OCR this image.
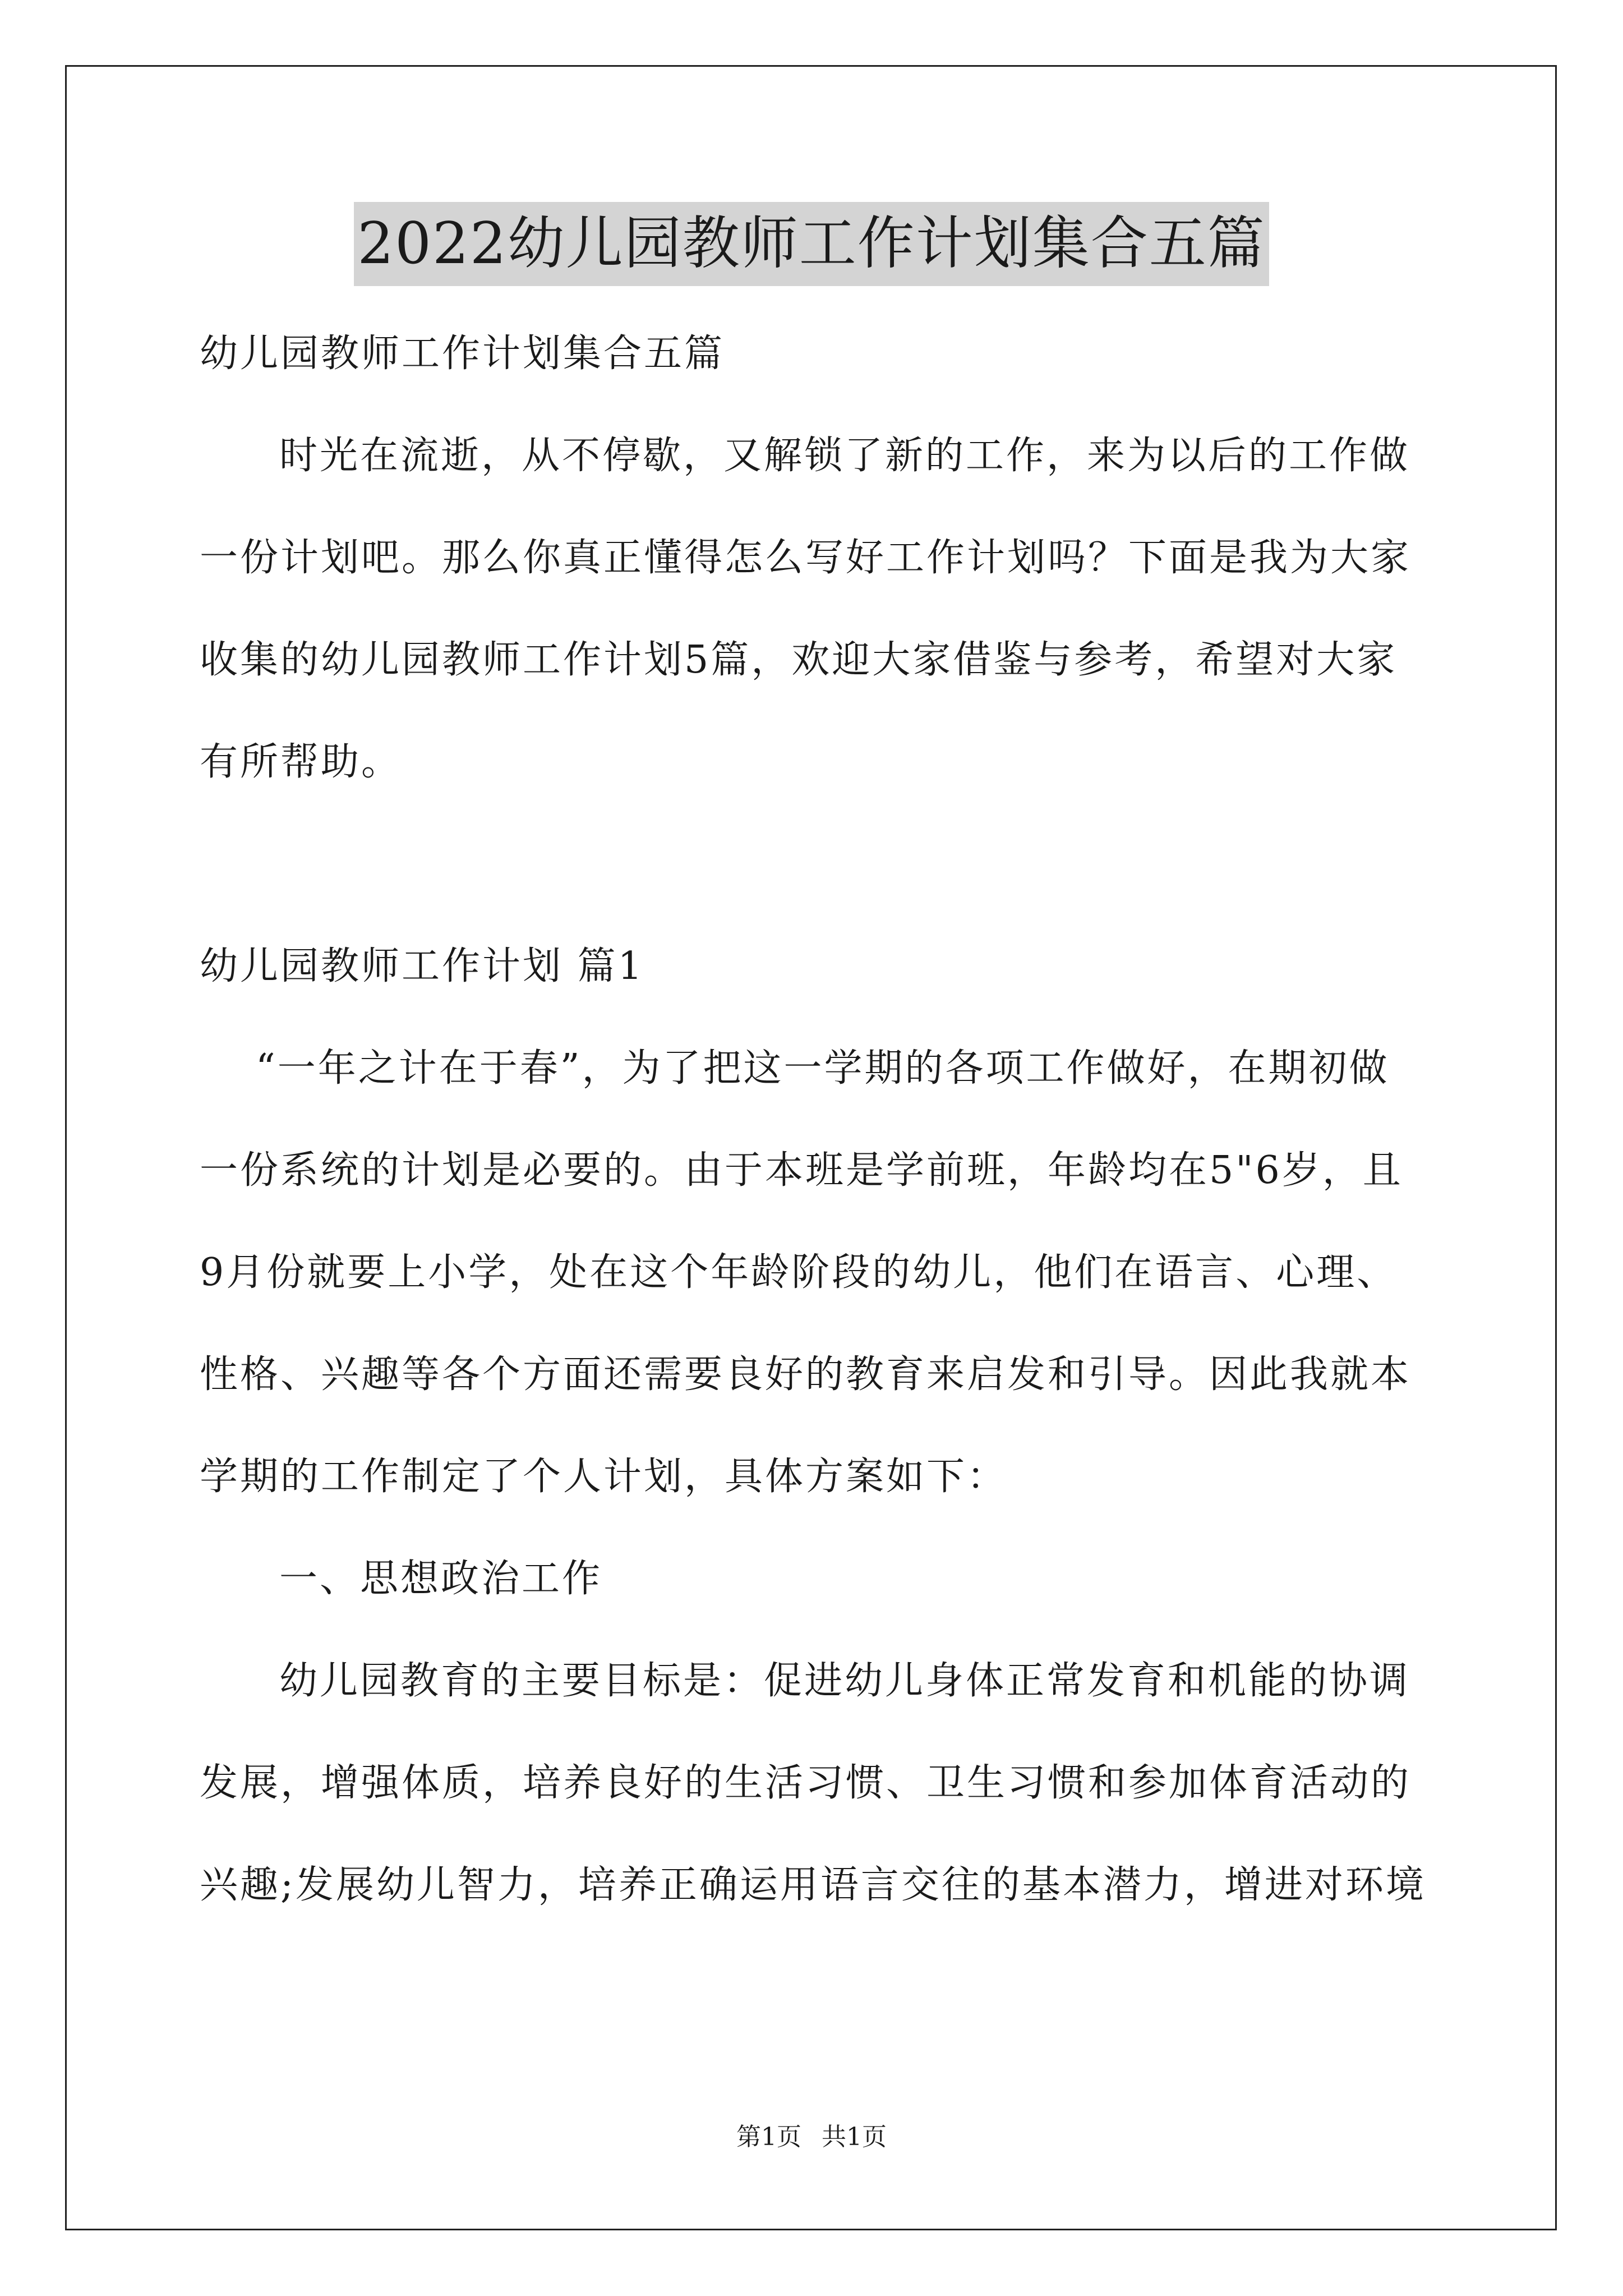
2022幼儿园教师工作计划集合五篇
幼儿园教师工作计划集合五篇
时光在流逝，从不停歇，又解锁了新的工作，来为以后的工作做
一份计划吧。那么你真正懂得怎么写好工作计划吗？下面是我为大家
收集的幼儿园教师工作计划5篇，欢迎大家借鉴与参考，希望对大家
有所帮助。
幼儿园教师工作计划 篇1
“一年之计在于春”，为了把这一学期的各项工作做好，在期初做
一份系统的计划是必要的。由于本班是学前班，年龄均在5"6岁，且
9月份就要上小学，处在这个年龄阶段的幼儿，他们在语言、心理、
性格、兴趣等各个方面还需要良好的教育来启发和引导。因此我就本
学期的工作制定了个人计划，具体方案如下：
一、思想政治工作
幼儿园教育的主要目标是：促进幼儿身体正常发育和机能的协调
发展，增强体质，培养良好的生活习惯、卫生习惯和参加体育活动的
兴趣;发展幼儿智力，培养正确运用语言交往的基本潜力，增进对环境
第1页 共1页
